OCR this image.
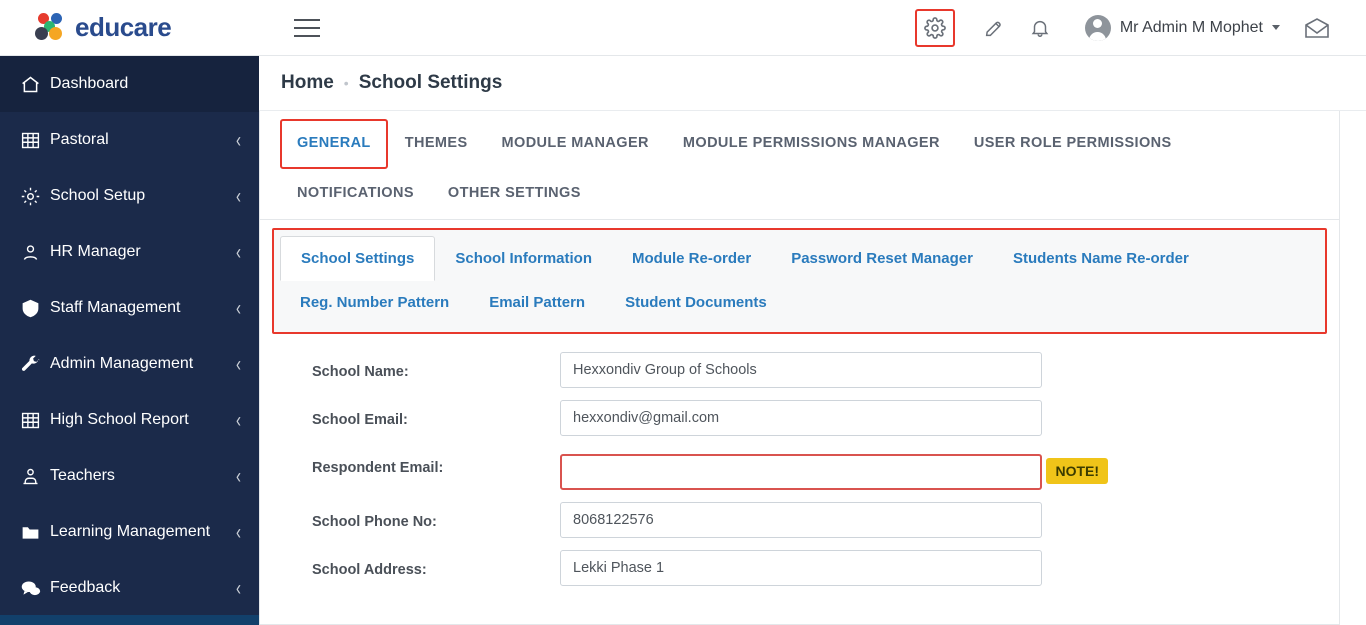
educare	Mr Admin M Mophet
Dashboard
Pastoral	‹
School Setup	‹
HR Manager	‹
Staff Management	‹
Admin Management	‹
High School Report	‹
Teachers	‹
Learning Management	‹
Feedback	‹
Home • School Settings
GENERAL	THEMES	MODULE MANAGER	MODULE PERMISSIONS MANAGER	USER ROLE PERMISSIONS
NOTIFICATIONS	OTHER SETTINGS
School Settings	School Information	Module Re-order	Password Reset Manager	Students Name Re-order
Reg. Number Pattern	Email Pattern	Student Documents
School Name:
Hexxondiv Group of Schools
School Email:
hexxondiv@gmail.com
Respondent Email:	NOTE!
School Phone No:
8068122576
School Address:
Lekki Phase 1
